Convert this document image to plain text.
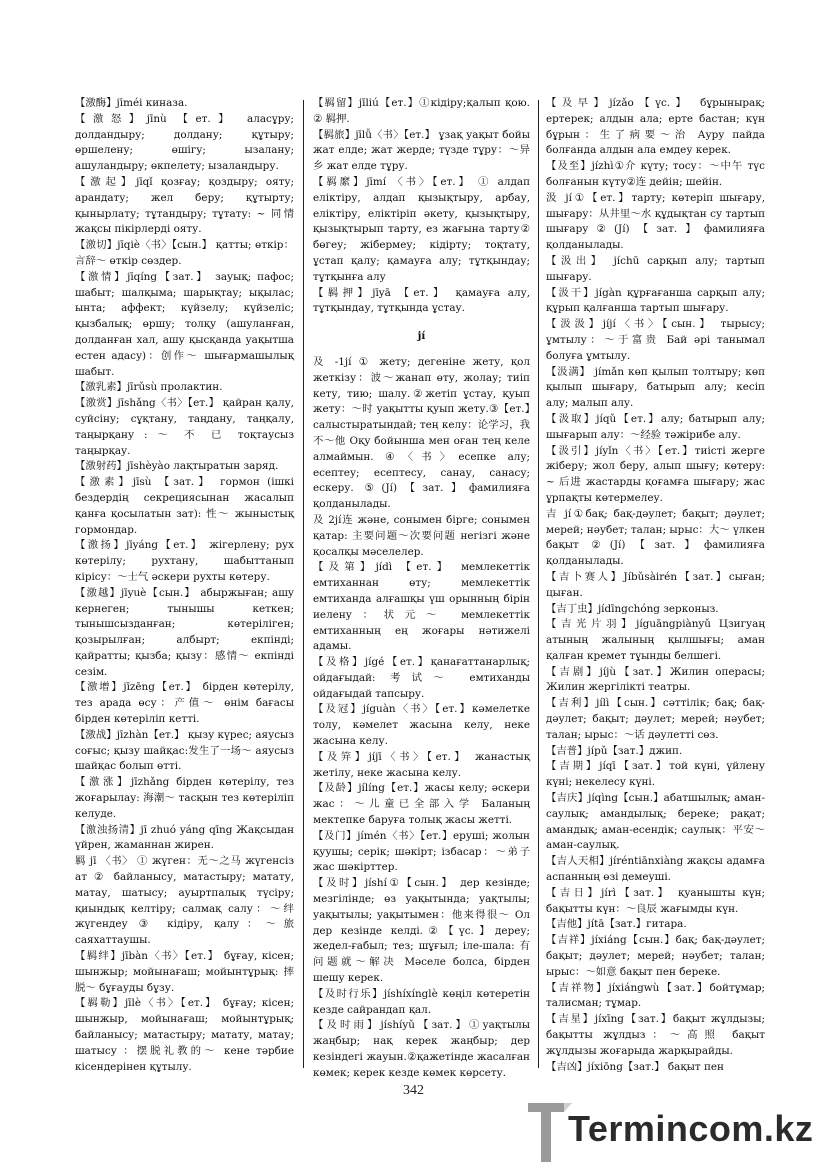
【激酶】jīméi киназа.

【激怒】jīnù 【ет.】 алаcұру; долдандыру; долдану; құтыру; өршелену; өшігу; ызалану; ашуландыру; өкпелету; ызаландыру.

【激起】jīqǐ қозғау; қоздыру; ояту; арандату; жел беру; құтырту; қынырлату; тұтандыру; тұтату: ~ 同情 жақсы пікірлерді ояту.

【激切】jīqiè〈书〉【сын.】 қатты; өткір：言辞～ өткір сөздер.

【激情】jīqíng【зат.】 зауық; пафос; шабыт; шалқыма; шарықтау; ықылас; ынта; аффект; күйзелу; күйзеліс; қызбалық; өршу; толқу (ашуланған, долданған хал, ашу қысқанда уақытша естен адасу)：创作～ шығармашылық шабыт.

【激乳素】jīrǔsù пролактин.

【激赏】jīshǎng〈书〉【ет.】 қайран қалу, суйсіну; сұқтану, таңдану, таңқалу, таңырқану : ～ 不 已 тоқтаусыз таңырқау.

【激射药】jīshèyào лақтыратын заряд.

【激素】jīsù 【зат.】 гормон (ішкі бездердің секрециясынан жасалып қанға қосылатын зат): 性～ жыныстық гормондар.

【激扬】jīyáng【ет.】 жігерлену; рух көтерілу; рухтану, шабыттанып кірісу：～士气 әскери рухты көтеру.

【激越】jīyuè【сын.】 абыржыған; ашу кернеген; тынышы кеткен; тынышсызданған; көтеріліген; қозырылған; албырт; екпінді; қайратты; қызба; қызу：感情～ екпінді сезім.

【激增】jīzēng【ет.】 бірден көтерілу, тез арада өсу：产值～ өнім бағасы бірден көтеріліп кетті.

【激战】jīzhàn【ет.】 қызу күрес; аяусыз соғыс; қызу шайқас:发生了一场～ аяусыз шайқас болып өтті.

【激涨】jīzhǎng бірден көтерілу, тез жоғарылау: 海潮～ тасқын тез көтеріліп келуде.

【激浊扬清】jī zhuó yáng qīng Жақсыдан үйрен, жаманнан жирен.

羁 jī 〈书〉 ① жүген：无～之马 жүгенсіз ат ② байланысу, матастыру; матату, матау, шатысу; ауыртпалық түсіру; қиындық келтіру; салмақ салу：～绊 жүгендеу ③ кідіру, қалу：～旅 саяхаттаушы.

【羁绊】jībàn〈书〉【ет.】 бұғау, кісен; шынжыр; мойынағаш; мойынтұрық: 摔脱～ бұғауды бұзу.

【羁勒】jīlè〈书〉【ет.】 бұғау; кісен; шынжыр, мойынағаш; мойынтұрық; байланысу; матастыру; матату, матау; шатысу ：摆脱礼教的～ кене тәрбие кісендерінен құтылу.

【羁留】jīliú【ет.】①кідіру;қалып қою. ② 羁押.

【羁旅】jīlǚ〈书〉【ет.】 ұзақ уақыт бойы жат елде; жат жерде; түзде тұру：～异乡 жат елде тұру.

【羁縻】jīmí 〈书〉【ет.】 ① алдап елiктiру, алдап қызықтыру, арбау, елiктiру, елiктiрiп әкету, қызықтыру, қызықтырып тарту, ез жағына тарту② бөгеу; жібермеу; кідірту; тоқтату, ұстап қалу; қамауға алу; тұтқындау; тұтқынға алу

【羁押】jīyā 【ет.】 қамауға алу, тұтқындау, тұтқында ұстау.

jí

及 -1jí ① жету; дегеніне жету, қол жеткізу：波～жанап өту, жолау; тиіп кету, тию; шалу.②жетіп ұстау, қуып жету：～时 уақытты қуып жету.③【ет.】салыстыратындай; тең келу：论学习，我不～他 Оқу бойынша мен оған тең келе алмаймын. ④〈书〉есепке алу; есептеу; есептесу, санау, санасу; ескеру. ⑤(Jí)【зат.】фамилияға қолданылады.

及 2jí连 және, сонымен бірге; сонымен қатар: 主要问题～次要问题 негізгі және қосалқы мәселелер.

【及第】jídì 【ет.】 мемлекеттік емтиханнан өту; мемлекеттік емтиханда алғашқы үш орынның бірін иелену：状元～ мемлекеттік емтиханның ең жоғары нәтижелі адамы.

【及格】jígé【ет.】қанағаттанарлық; ойдағыдай: 考试～ емтиханды ойдағыдай тапсыру.

【及冠】jíguàn〈书〉【ет.】кәмелетке толу, кәмелет жасына келу, неке жасына келу.

【及笄】jíjī〈书〉【ет.】 жанастық жетілу, неке жасына келу.

【及龄】jílíng【ет.】жасы келу; әскери жас：～儿童已全部入学 Баланың мектепке баруға толық жасы жетті.

【及门】jímén〈书〉【ет.】еруші; жолын қуушы; серік; шәкірт; ізбасар：～弟子 жас шәкірттер.

【及时】jíshí①【сын.】 дер кезінде; мезгілінде; өз уақытында; уақтылы; уақытылы; уақытымен：他来得很～ Ол дер кезінде келді.②【үс.】дереу; жедел-ғабыл; тез; шұғыл; іле-шала: 有问题就～解决 Мәселе болса, бірден шешу керек.

【及时行乐】jíshíxínglè көңіл көтеретін кезде сайрандап қал.

【及时雨】jíshíyǔ【зат.】①уақтылы жаңбыр; нақ керек жаңбыр; дер кезіндегі жауын.②қажетінде жасалған көмек; керек кезде көмек көрсету.

【及早】jízǎo【үс.】 бұрынырақ; ертерек; алдын ала; ерте бастан; күн бұрын：生了病要～治 Ауру пайда болғанда алдын ала емдеу керек.

【及至】jízhì①介 күту; тосу：～中午 түс болғанын күту②连 дейін; шейін.

汲 jí①【ет.】тарту; көтеріп шығару, шығару：从井里～水 құдықтан су тартып шығару②(Jí)【зат.】фамилияға қолданылады.

【汲出】 jíchū сарқып алу; тартып шығару.

【汲干】jígàn құрғағанша сарқып алу; құрып қалғанша тартып шығару.

【汲汲】jíjí〈书〉【сын.】 тырысу; ұмтылу：～于富贵 Бай әрі танымал болуға ұмтылу.

【汲满】 jímǎn көп қылып толтыру; көп қылып шығару, батырып алу; кесіп алу; малып алу.

【汲取】jíqǔ【ет.】алу; батырып алу; шығарып алу：～经验 тәжірибе алу.

【汲引】jíyǐn〈书〉【ет.】тиісті жерге жіберу; жол беру, алып шығу; көтеру: ~ 后进 жастарды қоғамға шығару; жас ұрпақты көтермелеу.

吉 jí①бақ; бақ-дәулет; бақыт; дәулет; мерей; нәубет; талан; ырыс：大～ үлкен бақыт ②(Jí)【зат.】фамилияға қолданылады.

【吉卜赛人】Jíbǔsàirén【зат.】сыған; цыған.

【吉丁虫】jídīngchóng зерконыз.

【吉光片羽】jíguāngpiànyǔ Цзигуаң атының жалының қылшығы; аман қалған кремет тұынды белшегі.

【吉剧】jíjù【зат.】Жилин операсы; Жилин жергілікті театры.

【吉利】jílì【сын.】сәттілік; бақ; бақ-дәулет; бақыт; дәулет; мерей; нәубет; талан; ырыс：～话 дәулетті сөз.

【吉普】jípǔ【зат.】джип.

【吉期】jíqī【зат.】той күні, үйлену күні; некелесу күні.

【吉庆】jíqìng【сын.】абатшылық; аман-саулық; амандылық; береке; рақат; амандық; аман-есендік; саулық：平安～ аман-саулық.

【吉人天相】jíréntiānxiàng жақсы адамға аспанның өзі демеуші.

【吉日】jírì【зат.】 қуанышты күн; бақытты күн：～良辰 жағымды күн.

【吉他】jítā【зат.】гитара.

【吉祥】jíxiáng【сын.】бақ; бақ-дәулет; бақыт; дәулет; мерей; нәубет; талан; ырыс：～如意 бақыт пен береке.

【吉祥物】jíxiángwù【зат.】бойтұмар; талисман; тұмар.

【吉星】jíxīng【зат.】бақыт жұлдызы; бақытты жұлдыз：～高照 бақыт жұлдызы жоғарыда жарқырайды.

【吉凶】jíxiōng【зат.】 бақыт пен

342
Termincom.kz
